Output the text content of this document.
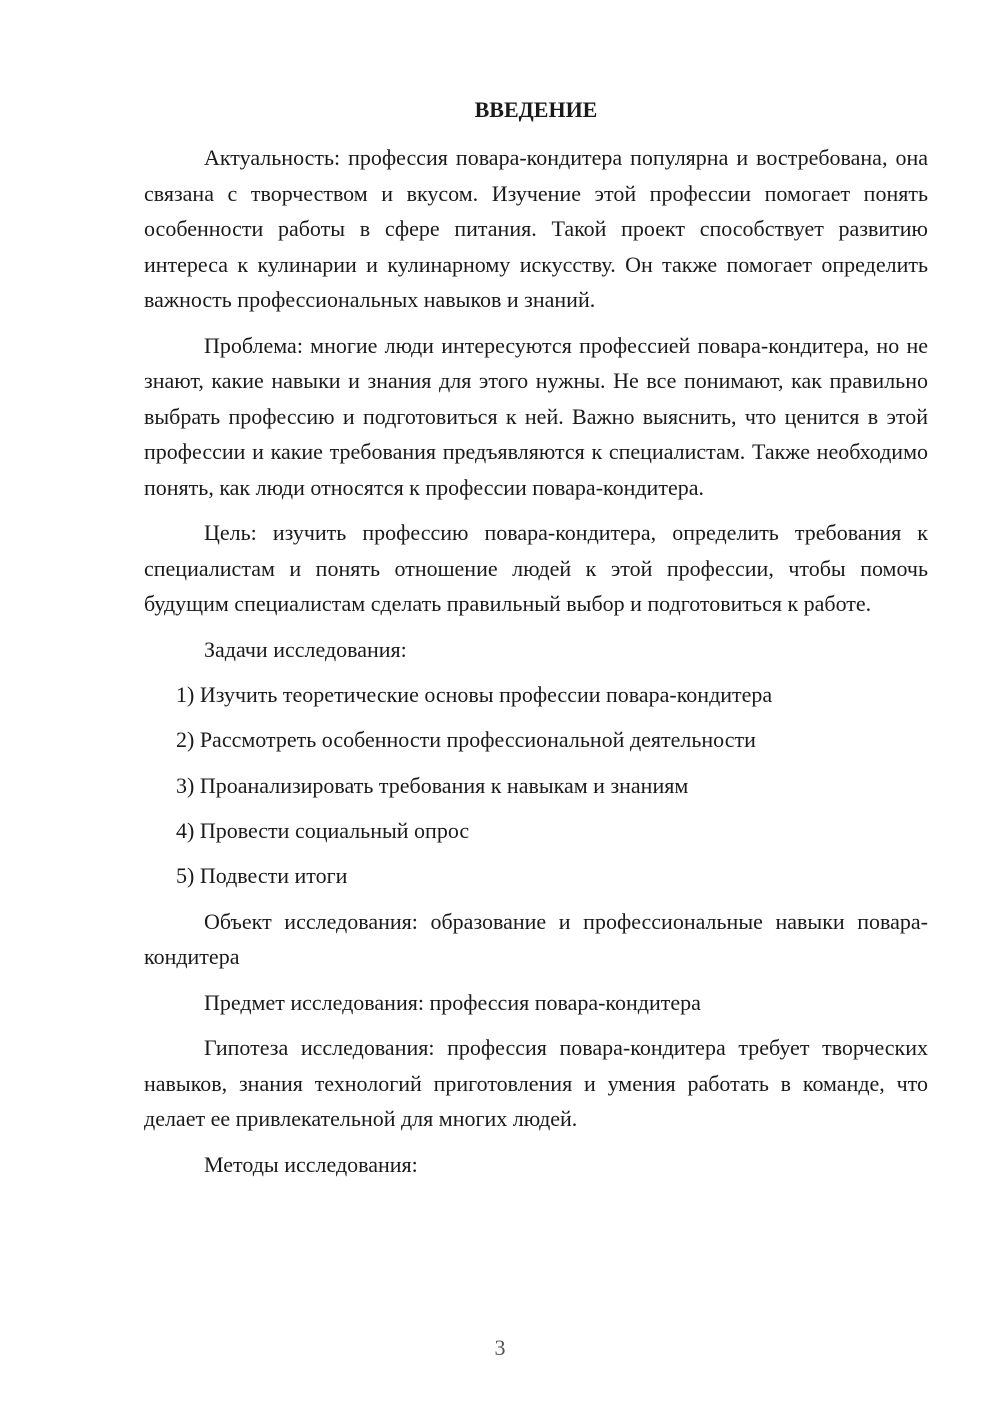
ВВЕДЕНИЕ

Актуальность: профессия повара-кондитера популярна и востребована, она связана с творчеством и вкусом. Изучение этой профессии помогает понять особенности работы в сфере питания. Такой проект способствует развитию интереса к кулинарии и кулинарному искусству. Он также помогает определить важность профессиональных навыков и знаний.

Проблема: многие люди интересуются профессией повара-кондитера, но не знают, какие навыки и знания для этого нужны. Не все понимают, как правильно выбрать профессию и подготовиться к ней. Важно выяснить, что ценится в этой профессии и какие требования предъявляются к специалистам. Также необходимо понять, как люди относятся к профессии повара-кондитера.

Цель: изучить профессию повара-кондитера, определить требования к специалистам и понять отношение людей к этой профессии, чтобы помочь будущим специалистам сделать правильный выбор и подготовиться к работе.

Задачи исследования:

1) Изучить теоретические основы профессии повара-кондитера
2) Рассмотреть особенности профессиональной деятельности
3) Проанализировать требования к навыкам и знаниям
4) Провести социальный опрос
5) Подвести итоги

Объект исследования: образование и профессиональные навыки повара-кондитера

Предмет исследования: профессия повара-кондитера

Гипотеза исследования: профессия повара-кондитера требует творческих навыков, знания технологий приготовления и умения работать в команде, что делает ее привлекательной для многих людей.

Методы исследования:

3
